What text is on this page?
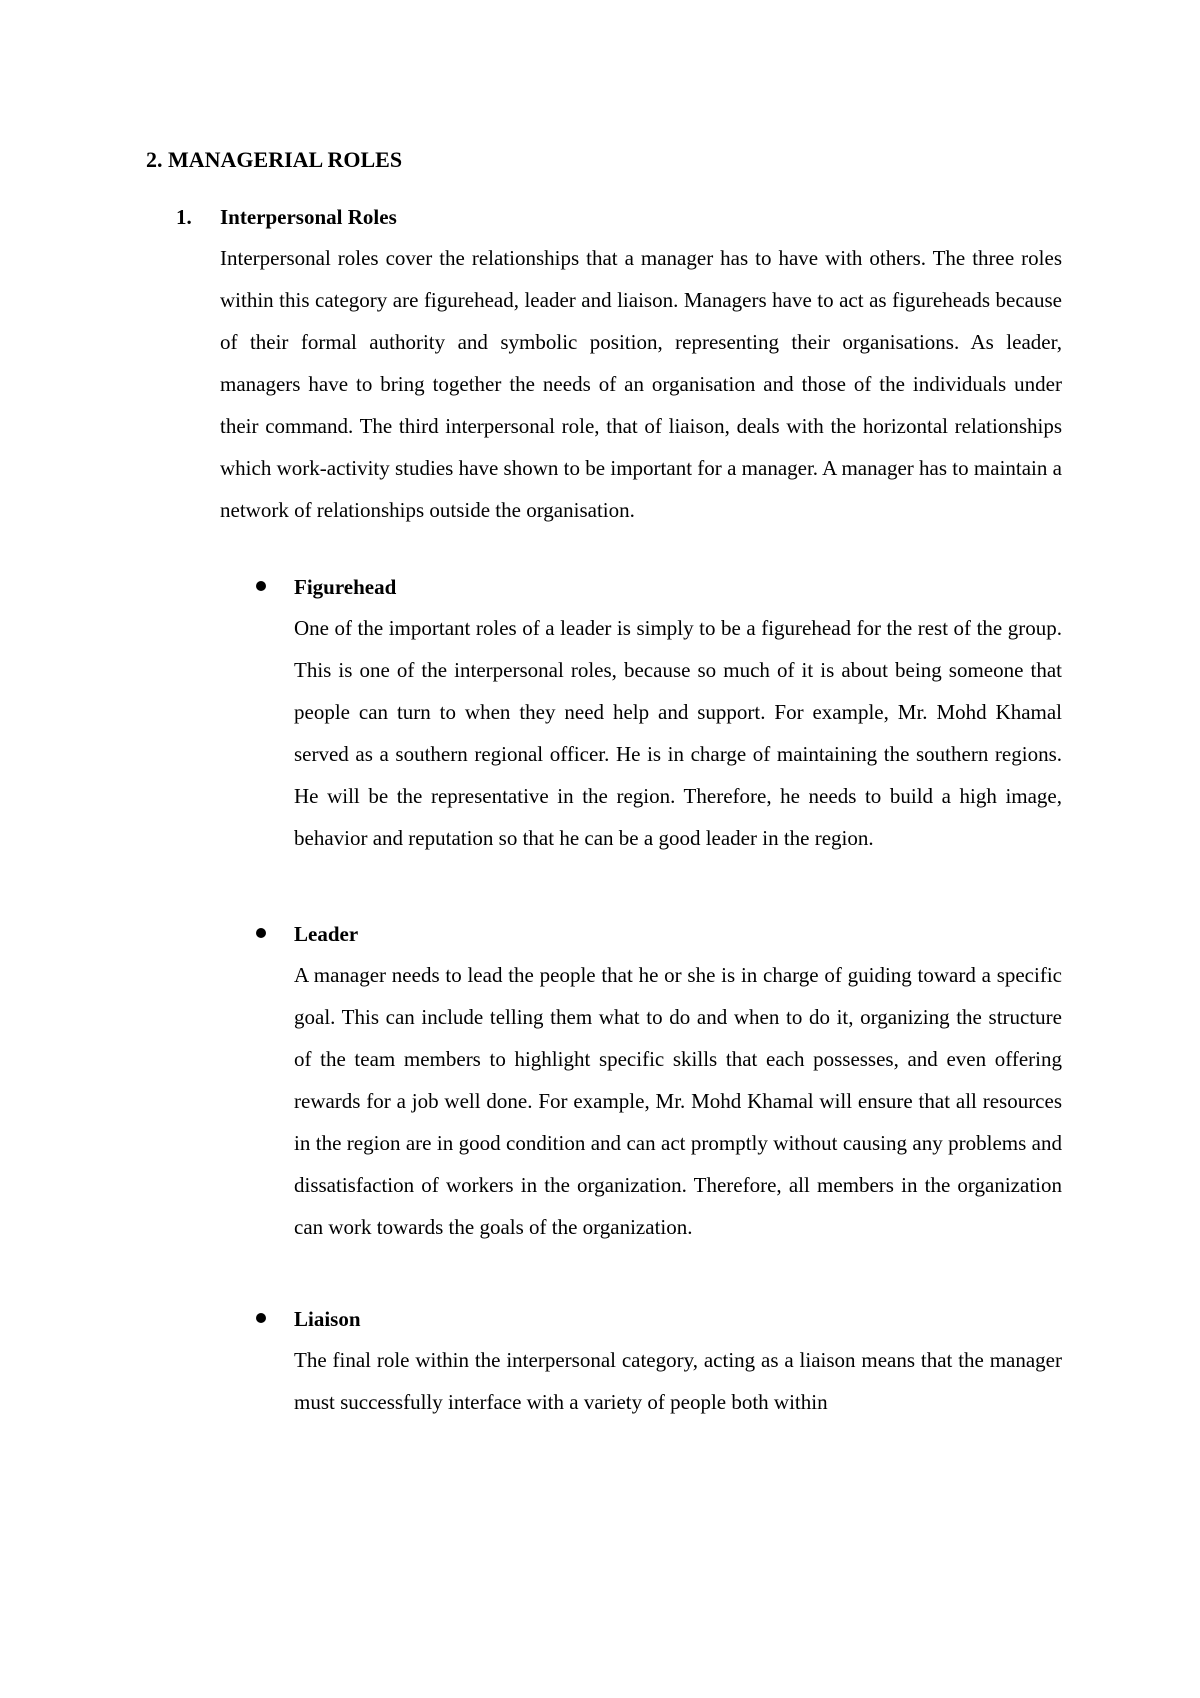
2. MANAGERIAL ROLES
1. Interpersonal Roles

Interpersonal roles cover the relationships that a manager has to have with others. The three roles within this category are figurehead, leader and liaison. Managers have to act as figureheads because of their formal authority and symbolic position, representing their organisations. As leader, managers have to bring together the needs of an organisation and those of the individuals under their command. The third interpersonal role, that of liaison, deals with the horizontal relationships which work-activity studies have shown to be important for a manager. A manager has to maintain a network of relationships outside the organisation.

Figurehead

One of the important roles of a leader is simply to be a figurehead for the rest of the group. This is one of the interpersonal roles, because so much of it is about being someone that people can turn to when they need help and support. For example, Mr. Mohd Khamal served as a southern regional officer. He is in charge of maintaining the southern regions. He will be the representative in the region. Therefore, he needs to build a high image, behavior and reputation so that he can be a good leader in the region.

Leader

A manager needs to lead the people that he or she is in charge of guiding toward a specific goal. This can include telling them what to do and when to do it, organizing the structure of the team members to highlight specific skills that each possesses, and even offering rewards for a job well done. For example, Mr. Mohd Khamal will ensure that all resources in the region are in good condition and can act promptly without causing any problems and dissatisfaction of workers in the organization. Therefore, all members in the organization can work towards the goals of the organization.

Liaison

The final role within the interpersonal category, acting as a liaison means that the manager must successfully interface with a variety of people both within
